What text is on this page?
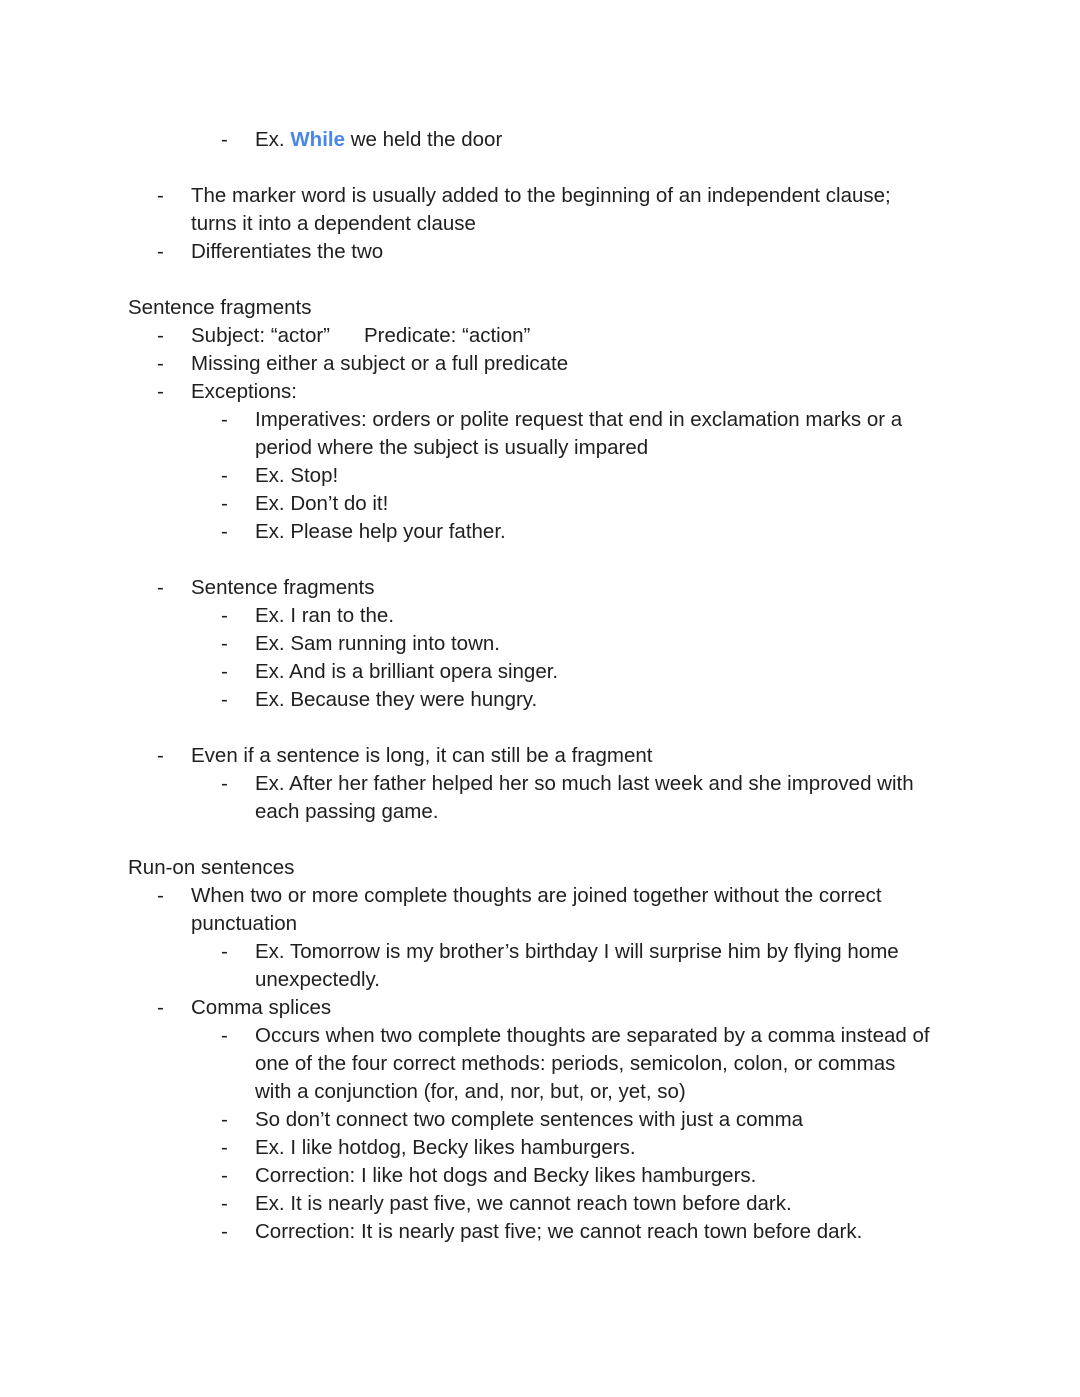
- Ex. While we held the door
- The marker word is usually added to the beginning of an independent clause;
turns it into a dependent clause
- Differentiates the two
Sentence fragments
- Subject: “actor” Predicate: “action”
- Missing either a subject or a full predicate
- Exceptions:
- Imperatives: orders or polite request that end in exclamation marks or a
period where the subject is usually impared
- Ex. Stop!
- Ex. Don’t do it!
- Ex. Please help your father.
- Sentence fragments
- Ex. I ran to the.
- Ex. Sam running into town.
- Ex. And is a brilliant opera singer.
- Ex. Because they were hungry.
- Even if a sentence is long, it can still be a fragment
- Ex. After her father helped her so much last week and she improved with
each passing game.
Run-on sentences
- When two or more complete thoughts are joined together without the correct
punctuation
- Ex. Tomorrow is my brother’s birthday I will surprise him by flying home
unexpectedly.
- Comma splices
- Occurs when two complete thoughts are separated by a comma instead of
one of the four correct methods: periods, semicolon, colon, or commas
with a conjunction (for, and, nor, but, or, yet, so)
- So don’t connect two complete sentences with just a comma
- Ex. I like hotdog, Becky likes hamburgers.
- Correction: I like hot dogs and Becky likes hamburgers.
- Ex. It is nearly past five, we cannot reach town before dark.
- Correction: It is nearly past five; we cannot reach town before dark.
